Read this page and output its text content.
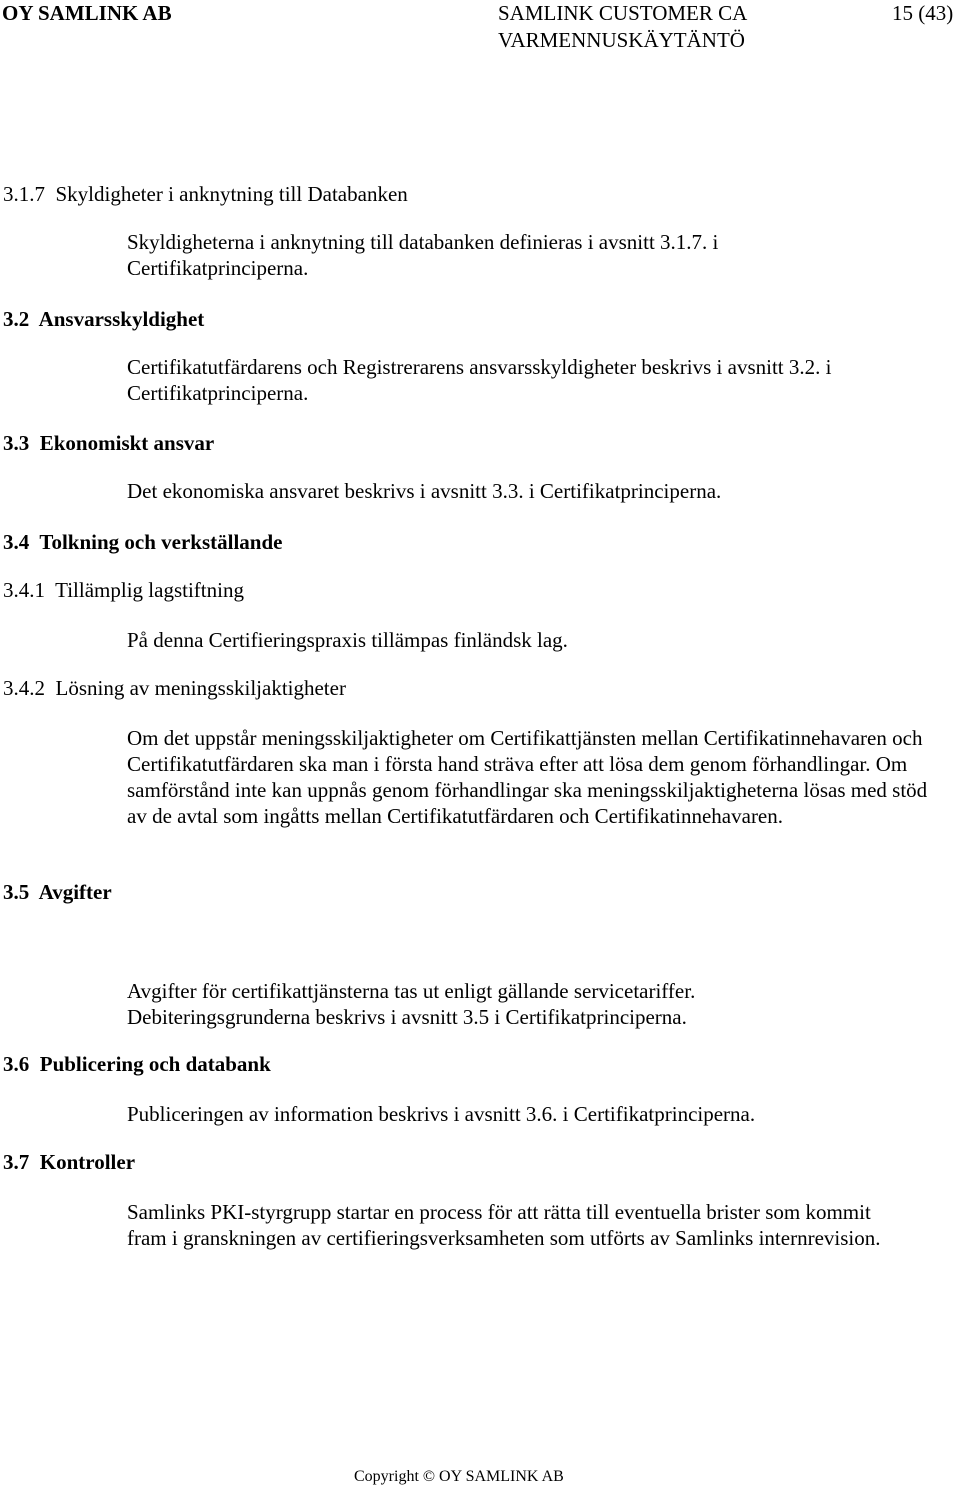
OY SAMLINK AB	SAMLINK CUSTOMER CA
VARMENNUSKÄYTÄNTÖ
15 (43)
3.1.7  Skyldigheter i anknytning till Databanken
Skyldigheterna i anknytning till databanken definieras i avsnitt 3.1.7. i Certifikatprinciperna.
3.2  Ansvarsskyldighet
Certifikatutfärdarens och Registrerarens ansvarsskyldigheter beskrivs i avsnitt 3.2. i Certifikatprinciperna.
3.3  Ekonomiskt ansvar
Det ekonomiska ansvaret beskrivs i avsnitt 3.3. i Certifikatprinciperna.
3.4  Tolkning och verkställande
3.4.1  Tillämplig lagstiftning
På denna Certifieringspraxis tillämpas finländsk lag.
3.4.2  Lösning av meningsskiljaktigheter
Om det uppstår meningsskiljaktigheter om Certifikattjänsten mellan Certifikatinnehavaren och Certifikatutfärdaren ska man i första hand sträva efter att lösa dem genom förhandlingar. Om samförstånd inte kan uppnås genom förhandlingar ska meningsskiljaktigheterna lösas med stöd av de avtal som ingåtts mellan Certifikatutfärdaren och Certifikatinnehavaren.
3.5  Avgifter
Avgifter för certifikattjänsterna tas ut enligt gällande servicetariffer. Debiteringsgrunderna beskrivs i avsnitt 3.5 i Certifikatprinciperna.
3.6  Publicering och databank
Publiceringen av information beskrivs i avsnitt 3.6. i Certifikatprinciperna.
3.7  Kontroller
Samlinks PKI-styrgrupp startar en process för att rätta till eventuella brister som kommit fram i granskningen av certifieringsverksamheten som utförts av Samlinks internrevision.
Copyright © OY SAMLINK AB
